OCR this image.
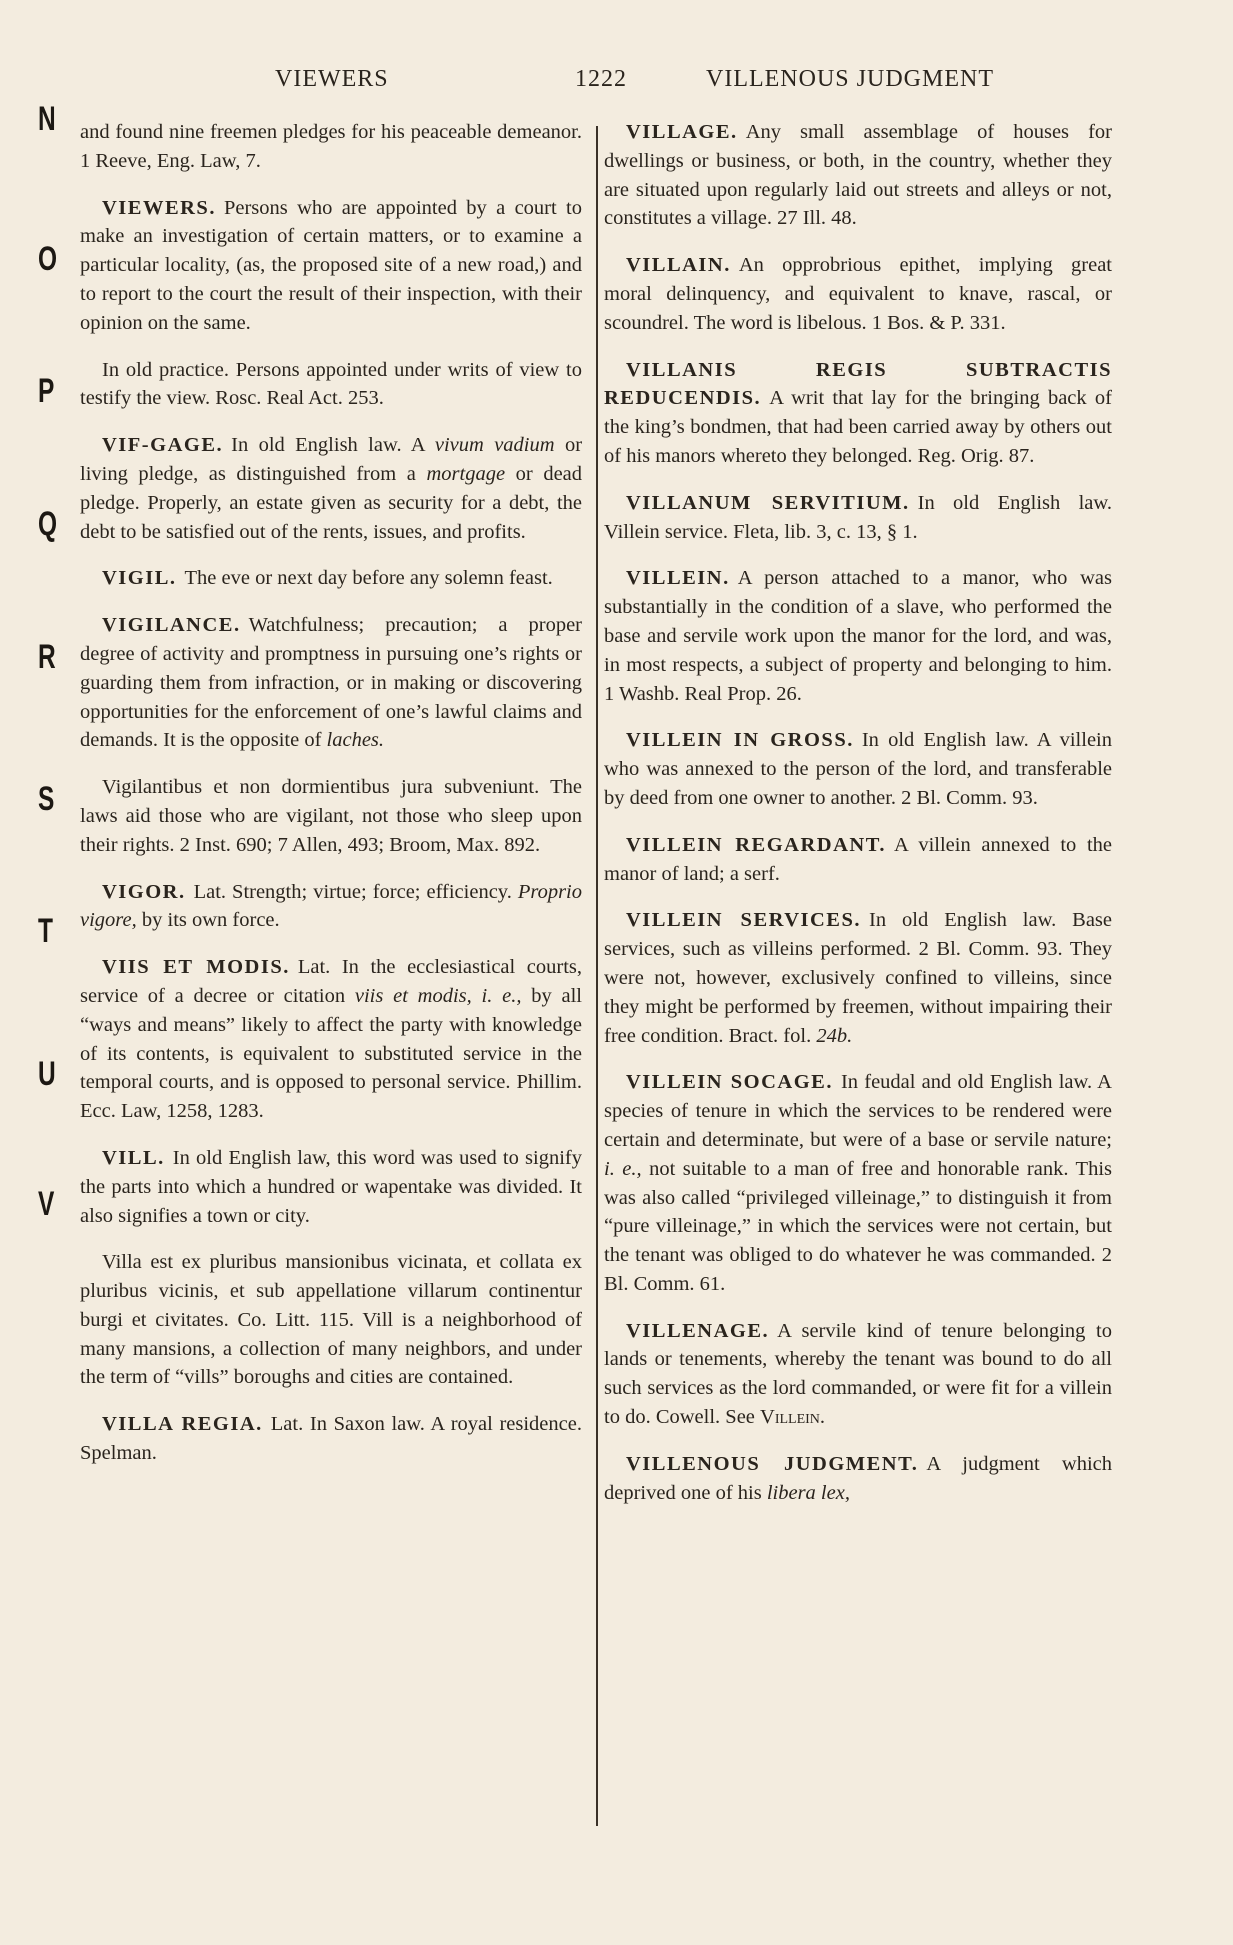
VIEWERS	1222	VILLENOUS JUDGMENT
N
O
P
Q
R
S
T
U
V

and found nine freemen pledges for his peaceable demeanor. 1 Reeve, Eng. Law, 7.

VIEWERS. Persons who are appointed by a court to make an investigation of certain matters, or to examine a particular locality, (as, the proposed site of a new road,) and to report to the court the result of their inspection, with their opinion on the same.

In old practice. Persons appointed under writs of view to testify the view. Rosc. Real Act. 253.

VIF-GAGE. In old English law. A vivum vadium or living pledge, as distinguished from a mortgage or dead pledge. Properly, an estate given as security for a debt, the debt to be satisfied out of the rents, issues, and profits.

VIGIL. The eve or next day before any solemn feast.

VIGILANCE. Watchfulness; precaution; a proper degree of activity and promptness in pursuing one’s rights or guarding them from infraction, or in making or discovering opportunities for the enforcement of one’s lawful claims and demands. It is the opposite of laches.

Vigilantibus et non dormientibus jura subveniunt. The laws aid those who are vigilant, not those who sleep upon their rights. 2 Inst. 690; 7 Allen, 493; Broom, Max. 892.

VIGOR. Lat. Strength; virtue; force; efficiency. Proprio vigore, by its own force.

VIIS ET MODIS. Lat. In the ecclesiastical courts, service of a decree or citation viis et modis, i. e., by all “ways and means” likely to affect the party with knowledge of its contents, is equivalent to substituted service in the temporal courts, and is opposed to personal service. Phillim. Ecc. Law, 1258, 1283.

VILL. In old English law, this word was used to signify the parts into which a hundred or wapentake was divided. It also signifies a town or city.

Villa est ex pluribus mansionibus vicinata, et collata ex pluribus vicinis, et sub appellatione villarum continentur burgi et civitates. Co. Litt. 115. Vill is a neighborhood of many mansions, a collection of many neighbors, and under the term of “vills” boroughs and cities are contained.

VILLA REGIA. Lat. In Saxon law. A royal residence. Spelman.

VILLAGE. Any small assemblage of houses for dwellings or business, or both, in the country, whether they are situated upon regularly laid out streets and alleys or not, constitutes a village. 27 Ill. 48.

VILLAIN. An opprobrious epithet, implying great moral delinquency, and equivalent to knave, rascal, or scoundrel. The word is libelous. 1 Bos. & P. 331.

VILLANIS REGIS SUBTRACTIS REDUCENDIS. A writ that lay for the bringing back of the king’s bondmen, that had been carried away by others out of his manors whereto they belonged. Reg. Orig. 87.

VILLANUM SERVITIUM. In old English law. Villein service. Fleta, lib. 3, c. 13, § 1.

VILLEIN. A person attached to a manor, who was substantially in the condition of a slave, who performed the base and servile work upon the manor for the lord, and was, in most respects, a subject of property and belonging to him. 1 Washb. Real Prop. 26.

VILLEIN IN GROSS. In old English law. A villein who was annexed to the person of the lord, and transferable by deed from one owner to another. 2 Bl. Comm. 93.

VILLEIN REGARDANT. A villein annexed to the manor of land; a serf.

VILLEIN SERVICES. In old English law. Base services, such as villeins performed. 2 Bl. Comm. 93. They were not, however, exclusively confined to villeins, since they might be performed by freemen, without impairing their free condition. Bract. fol. 24b.

VILLEIN SOCAGE. In feudal and old English law. A species of tenure in which the services to be rendered were certain and determinate, but were of a base or servile nature; i. e., not suitable to a man of free and honorable rank. This was also called “privileged villeinage,” to distinguish it from “pure villeinage,” in which the services were not certain, but the tenant was obliged to do whatever he was commanded. 2 Bl. Comm. 61.

VILLENAGE. A servile kind of tenure belonging to lands or tenements, whereby the tenant was bound to do all such services as the lord commanded, or were fit for a villein to do. Cowell. See Villein.

VILLENOUS JUDGMENT. A judgment which deprived one of his libera lex,
